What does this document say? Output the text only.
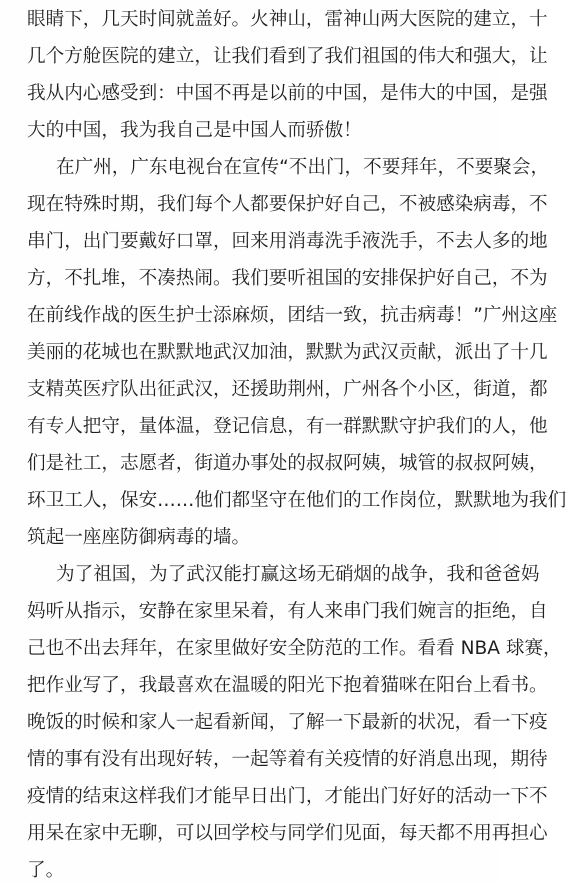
眼睛下，几天时间就盖好。火神山，雷神山两大医院的建立，十
几个方舱医院的建立，让我们看到了我们祖国的伟大和强大，让
我从内心感受到：中国不再是以前的中国，是伟大的中国，是强
大的中国，我为我自己是中国人而骄傲！
在广州，广东电视台在宣传“不出门，不要拜年，不要聚会，
现在特殊时期，我们每个人都要保护好自己，不被感染病毒，不
串门，出门要戴好口罩，回来用消毒洗手液洗手，不去人多的地
方，不扎堆，不凑热闹。我们要听祖国的安排保护好自己，不为
在前线作战的医生护士添麻烦，团结一致，抗击病毒！”广州这座
美丽的花城也在默默地武汉加油，默默为武汉贡献，派出了十几
支精英医疗队出征武汉，还援助荆州，广州各个小区，街道，都
有专人把守，量体温，登记信息，有一群默默守护我们的人，他
们是社工，志愿者，街道办事处的叔叔阿姨，城管的叔叔阿姨，
环卫工人，保安……他们都坚守在他们的工作岗位，默默地为我们
筑起一座座防御病毒的墙。
为了祖国，为了武汉能打赢这场无硝烟的战争，我和爸爸妈
妈听从指示，安静在家里呆着，有人来串门我们婉言的拒绝，自
己也不出去拜年，在家里做好安全防范的工作。看看 NBA 球赛，
把作业写了，我最喜欢在温暖的阳光下抱着猫咪在阳台上看书。
晚饭的时候和家人一起看新闻，了解一下最新的状况，看一下疫
情的事有没有出现好转，一起等着有关疫情的好消息出现，期待
疫情的结束这样我们才能早日出门，才能出门好好的活动一下不
用呆在家中无聊，可以回学校与同学们见面，每天都不用再担心
了。
